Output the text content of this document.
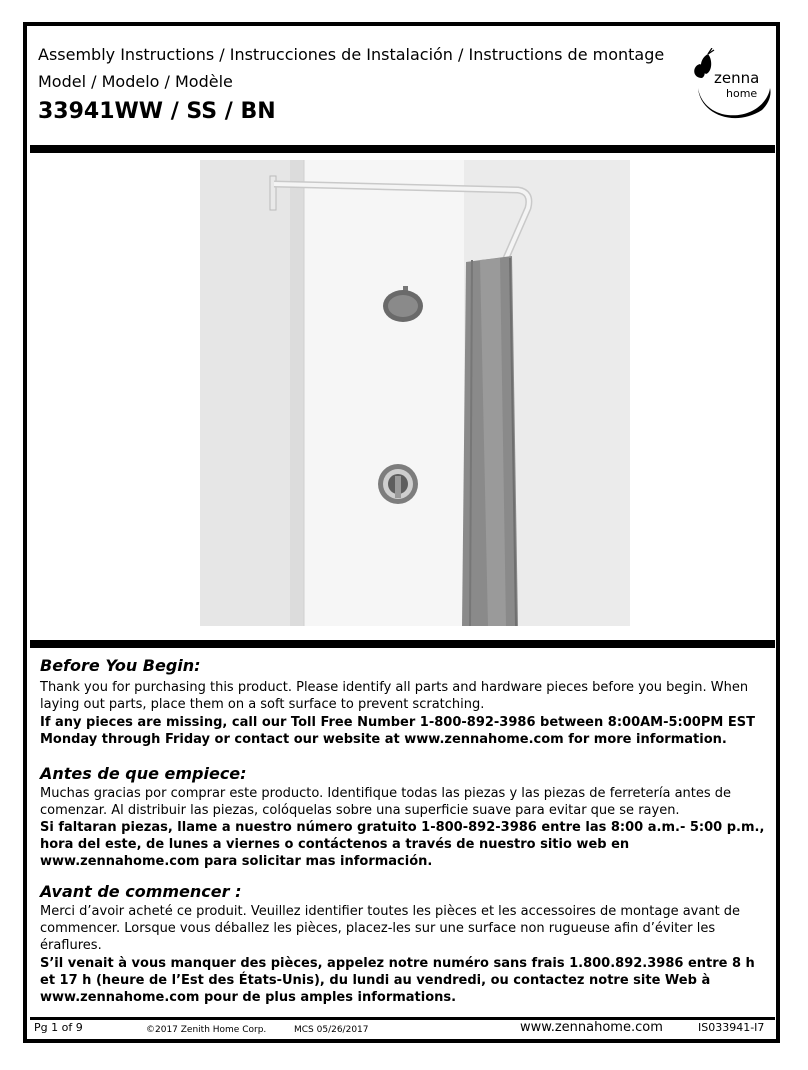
Assembly Instructions / Instrucciones de Instalación / Instructions de montage
Model / Modelo / Modèle
33941WW / SS / BN
zenna
home
Before You Begin:
Thank you for purchasing this product. Please identify all parts and hardware pieces before you begin. When laying out parts, place them on a soft surface to prevent scratching.
If any pieces are missing, call our Toll Free Number 1-800-892-3986 between 8:00AM-5:00PM EST Monday through Friday or contact our website at www.zennahome.com for more information.
Antes de que empiece:
Muchas gracias por comprar este producto. Identifique todas las piezas y las piezas de ferretería antes de comenzar. Al distribuir las piezas, colóquelas sobre una superficie suave para evitar que se rayen.
Si faltaran piezas, llame a nuestro número gratuito 1-800-892-3986 entre las 8:00 a.m.- 5:00 p.m., hora del este, de lunes a viernes o contáctenos a través de nuestro sitio web en www.zennahome.com para solicitar mas información.
Avant de commencer :
Merci d’avoir acheté ce produit. Veuillez identifier toutes les pièces et les accessoires de montage avant de commencer. Lorsque vous déballez les pièces, placez-les sur une surface non rugueuse afin d’éviter les éraflures.
S’il venait à vous manquer des pièces, appelez notre numéro sans frais 1.800.892.3986 entre 8 h et 17 h (heure de l’Est des États-Unis), du lundi au vendredi, ou contactez notre site Web à www.zennahome.com pour de plus amples informations.
Pg 1 of 9	©2017 Zenith Home Corp.	MCS 05/26/2017	www.zennahome.com	IS033941-I7
